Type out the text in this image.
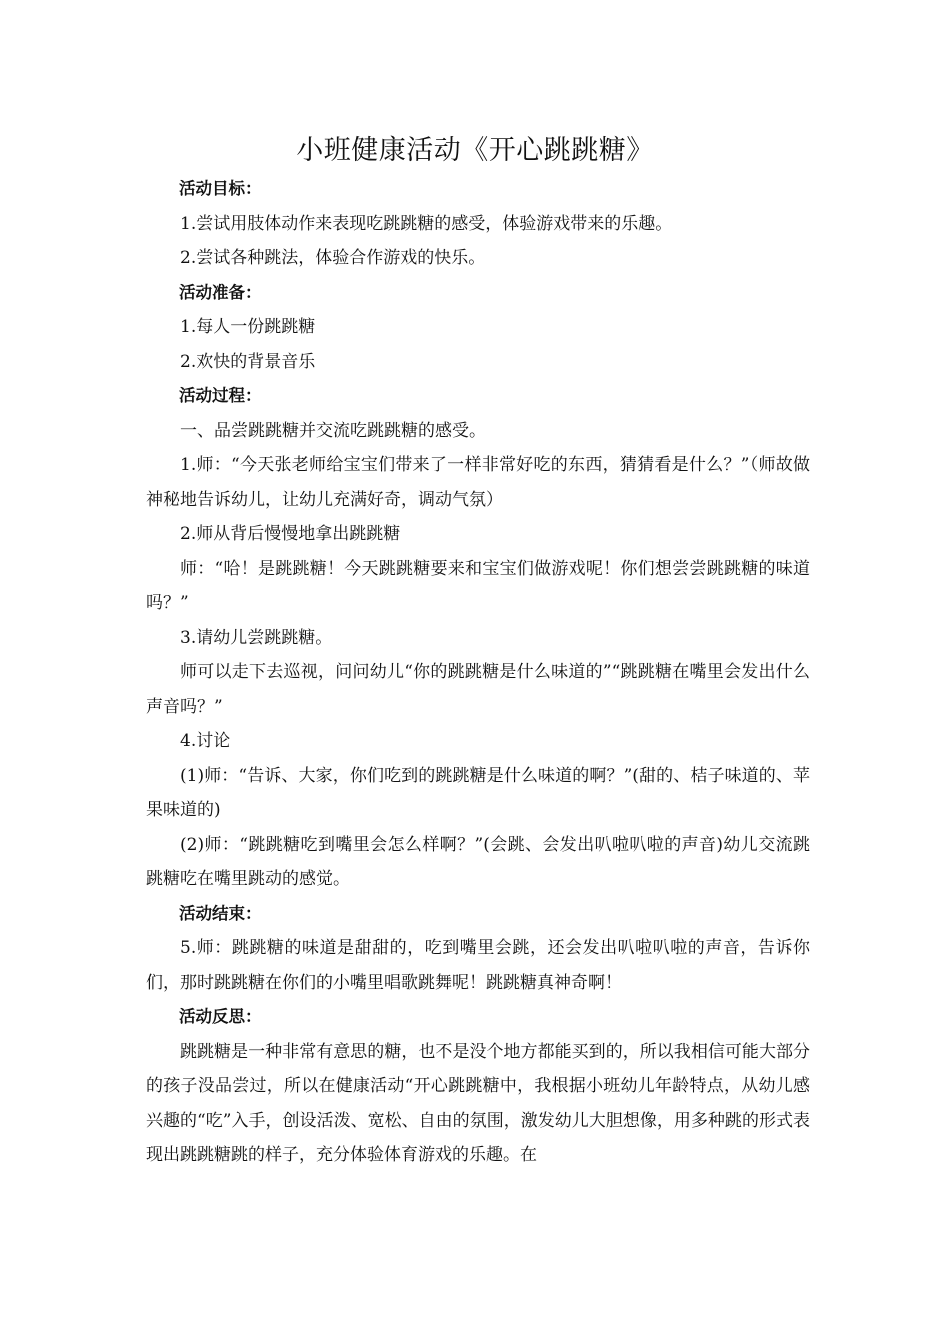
小班健康活动《开心跳跳糖》

活动目标：

1.尝试用肢体动作来表现吃跳跳糖的感受，体验游戏带来的乐趣。

2.尝试各种跳法，体验合作游戏的快乐。

活动准备：

1.每人一份跳跳糖

2.欢快的背景音乐

活动过程：

一、品尝跳跳糖并交流吃跳跳糖的感受。

1.师：“今天张老师给宝宝们带来了一样非常好吃的东西，猜猜看是什么？”（师故做神秘地告诉幼儿，让幼儿充满好奇，调动气氛）

2.师从背后慢慢地拿出跳跳糖

师：“哈！是跳跳糖！今天跳跳糖要来和宝宝们做游戏呢！你们想尝尝跳跳糖的味道吗？”

3.请幼儿尝跳跳糖。

师可以走下去巡视，问问幼儿“你的跳跳糖是什么味道的”“跳跳糖在嘴里会发出什么声音吗？”

4.讨论

(1)师：“告诉、大家，你们吃到的跳跳糖是什么味道的啊？”(甜的、桔子味道的、苹果味道的)

(2)师：“跳跳糖吃到嘴里会怎么样啊？”(会跳、会发出叭啦叭啦的声音)幼儿交流跳跳糖吃在嘴里跳动的感觉。

活动结束：

5.师：跳跳糖的味道是甜甜的，吃到嘴里会跳，还会发出叭啦叭啦的声音，告诉你们，那时跳跳糖在你们的小嘴里唱歌跳舞呢！跳跳糖真神奇啊！

活动反思：

跳跳糖是一种非常有意思的糖，也不是没个地方都能买到的，所以我相信可能大部分的孩子没品尝过，所以在健康活动“开心跳跳糖中，我根据小班幼儿年龄特点，从幼儿感兴趣的“吃”入手，创设活泼、宽松、自由的氛围，激发幼儿大胆想像，用多种跳的形式表现出跳跳糖跳的样子，充分体验体育游戏的乐趣。在
